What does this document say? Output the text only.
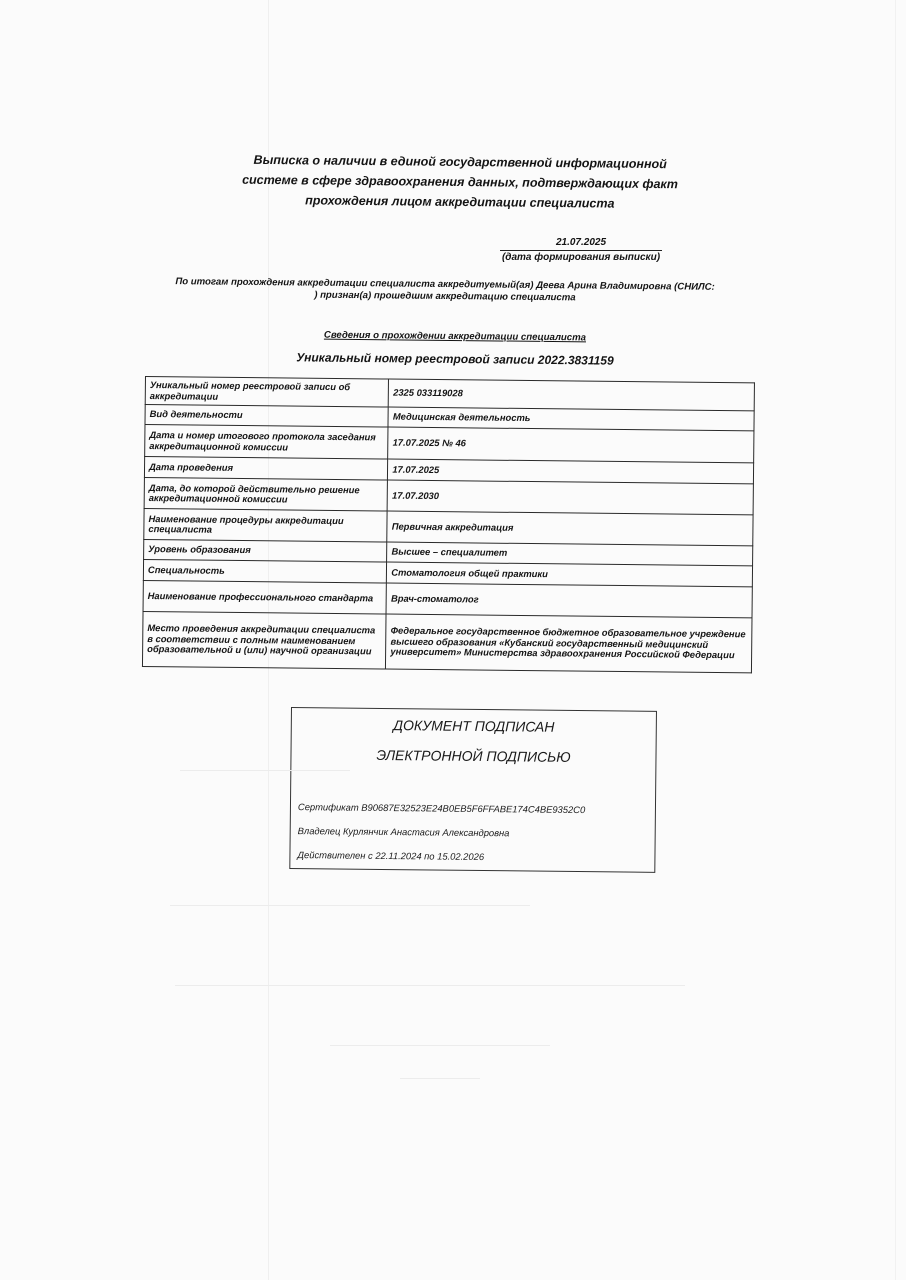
Выписка о наличии в единой государственной информационной
системе в сфере здравоохранения данных, подтверждающих факт
прохождения лицом аккредитации специалиста
21.07.2025
(дата формирования выписки)
По итогам прохождения аккредитации специалиста аккредитуемый(ая) Деева Арина Владимировна (СНИЛС:
) признан(а) прошедшим аккредитацию специалиста
Сведения о прохождении аккредитации специалиста
Уникальный номер реестровой записи 2022.3831159
Уникальный номер реестровой записи об аккредитации	2325 033119028
Вид деятельности	Медицинская деятельность
Дата и номер итогового протокола заседания аккредитационной комиссии	17.07.2025 № 46
Дата проведения	17.07.2025
Дата, до которой действительно решение аккредитационной комиссии	17.07.2030
Наименование процедуры аккредитации специалиста	Первичная аккредитация
Уровень образования	Высшее – специалитет
Специальность	Стоматология общей практики
Наименование профессионального стандарта	Врач-стоматолог
Место проведения аккредитации специалиста в соответствии с полным наименованием образовательной и (или) научной организации	Федеральное государственное бюджетное образовательное учреждение высшего образования «Кубанский государственный медицинский университет» Министерства здравоохранения Российской Федерации
ДОКУМЕНТ ПОДПИСАН
ЭЛЕКТРОННОЙ ПОДПИСЬЮ
Сертификат B90687E32523E24B0EB5F6FFABE174C4BE9352C0
Владелец Курлянчик Анастасия Александровна
Действителен с 22.11.2024 по 15.02.2026
